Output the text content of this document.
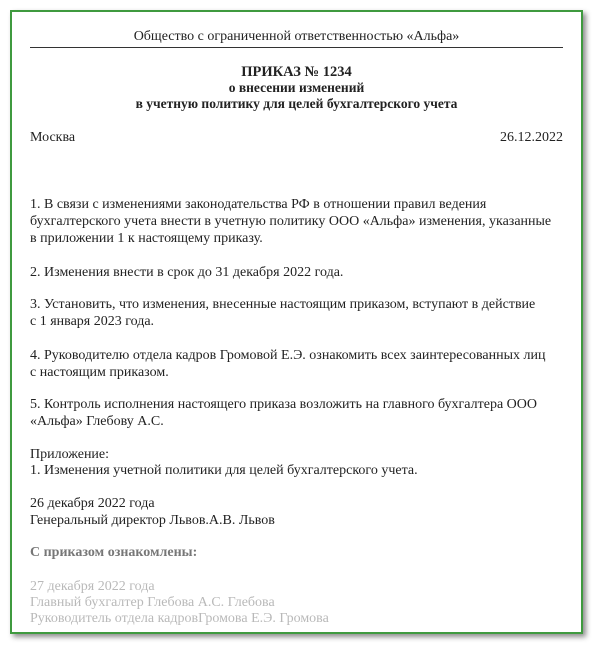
Общество с ограниченной ответственностью «Альфа»
ПРИКАЗ № 1234
о внесении изменений
в учетную политику для целей бухгалтерского учета
Москва	26.12.2022
1. В связи с изменениями законодательства РФ в отношении правил ведения
бухгалтерского учета внести в учетную политику ООО «Альфа» изменения, указанные
в приложении 1 к настоящему приказу.
2. Изменения внести в срок до 31 декабря 2022 года.
3. Установить, что изменения, внесенные настоящим приказом, вступают в действие
с 1 января 2023 года.
4. Руководителю отдела кадров Громовой Е.Э. ознакомить всех заинтересованных лиц
с настоящим приказом.
5. Контроль исполнения настоящего приказа возложить на главного бухгалтера ООО
«Альфа» Глебову А.С.
Приложение:
1. Изменения учетной политики для целей бухгалтерского учета.
26 декабря 2022 года
Генеральный директор Львов.А.В. Львов
С приказом ознакомлены:
27 декабря 2022 года
Главный бухгалтер Глебова А.С. Глебова
Руководитель отдела кадровГромова Е.Э. Громова
